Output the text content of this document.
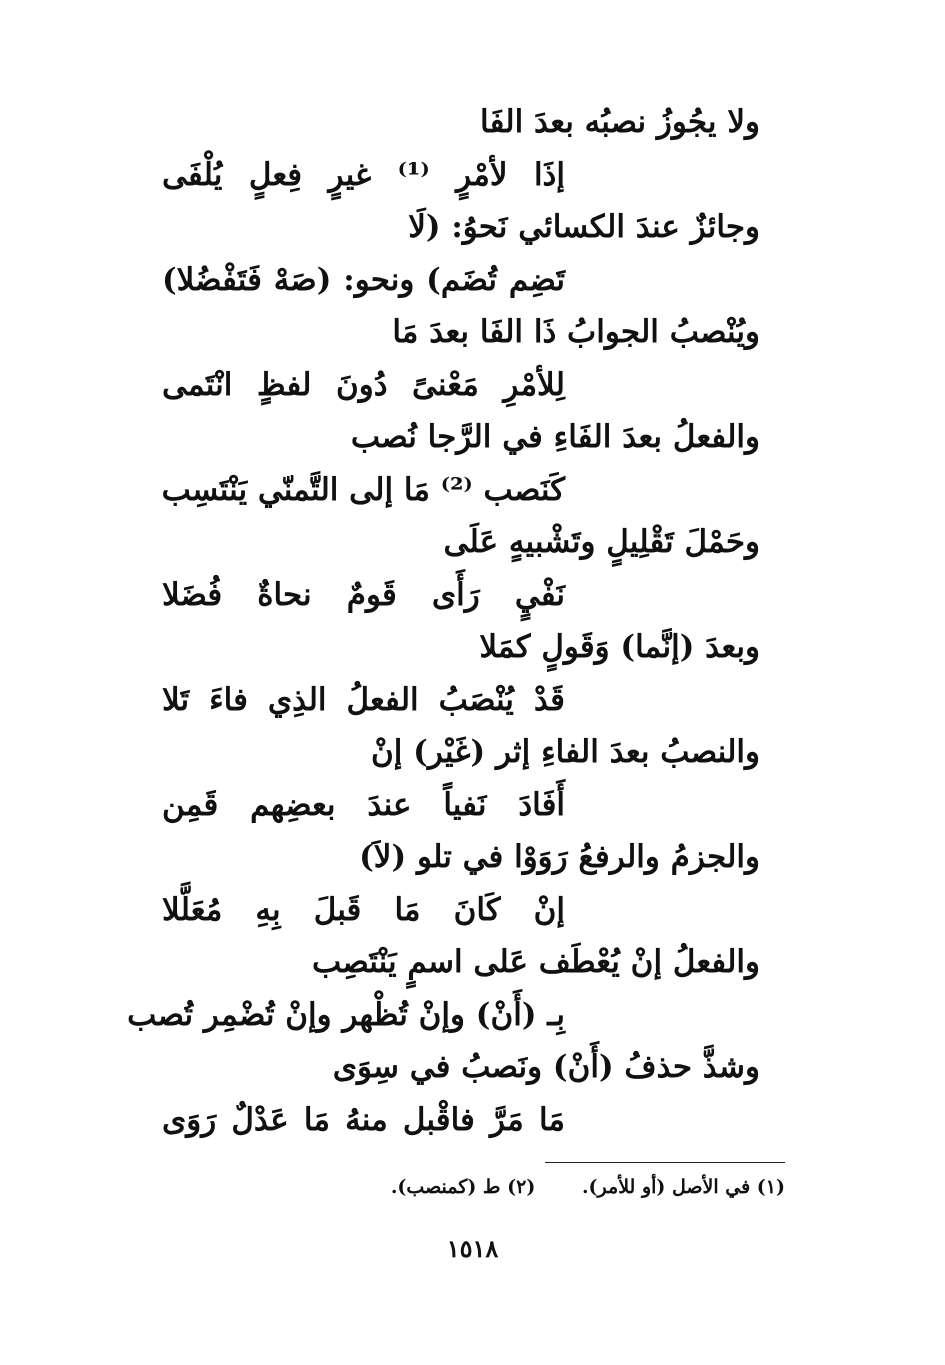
ولا يجُوزُ نصبُه بعدَ الفَا
إذَا لأمْرٍ ⁽¹⁾ غيرٍ فِعلٍ يُلْفَى
وجائزٌ عندَ الكسائي نَحوُ: (لَا
تَضِم تُضَم) ونحو: (صَهْ فَتَفْضُلا)
ويُنْصبُ الجوابُ ذَا الفَا بعدَ مَا
لِلأمْرِ مَعْنىً دُونَ لفظٍ انْتَمى
والفعلُ بعدَ الفَاءِ في الرَّجا نُصب
كَنَصب ⁽²⁾ مَا إلى التَّمنّي يَنْتَسِب
وحَمْلَ تَقْلِيلٍ وتَشْبيهٍ عَلَى
نَفْيٍ رَأَى قَومٌ نحاةٌ فُضَلا
وبعدَ (إنَّما) وَقَولٍ كمَلا
قَدْ يُنْصَبُ الفعلُ الذِي فاءَ تَلا
والنصبُ بعدَ الفاءِ إثر (غَيْر) إنْ
أَفَادَ نَفياً عندَ بعضِهم قَمِن
والجزمُ والرفعُ رَوَوْا في تلو (لاَ)
إنْ كَانَ مَا قَبلَ بِهِ مُعَلَّلا
والفعلُ إنْ يُعْطَف عَلى اسمٍ يَنْتَصِب
بِـ (أَنْ) وإنْ تُظْهر وإنْ تُضْمِر تُصب
وشذَّ حذفُ (أَنْ) ونَصبُ في سِوَى
مَا مَرَّ فاقْبل منهُ مَا عَدْلٌ رَوَى
(١) في الأصل (أو للأمر). (٢) ط (كمنصب).
١٥١٨
